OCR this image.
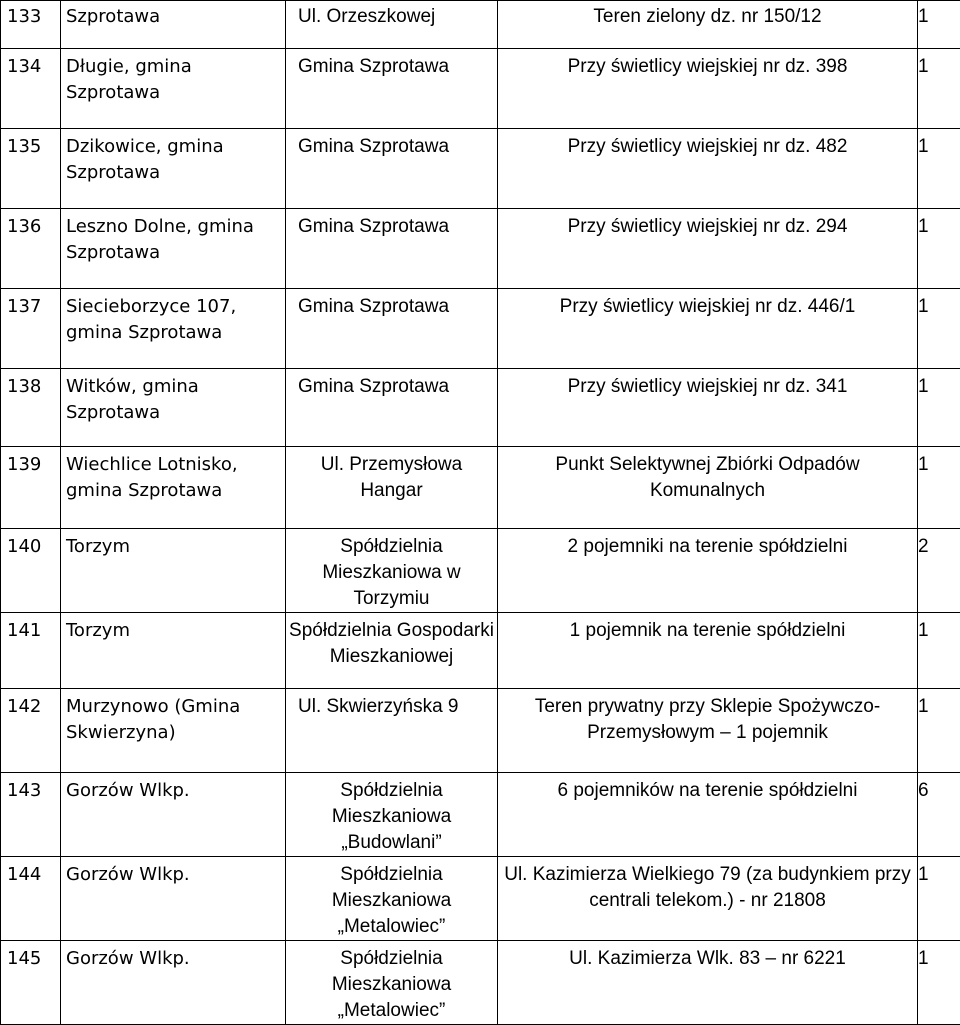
133	Szprotawa	Ul. Orzeszkowej	Teren zielony dz. nr 150/12	1
134	Długie, gmina Szprotawa	Gmina Szprotawa	Przy świetlicy wiejskiej nr dz. 398	1
135	Dzikowice, gmina Szprotawa	Gmina Szprotawa	Przy świetlicy wiejskiej nr dz. 482	1
136	Leszno Dolne, gmina Szprotawa	Gmina Szprotawa	Przy świetlicy wiejskiej nr dz. 294	1
137	Siecieborzyce 107, gmina Szprotawa	Gmina Szprotawa	Przy świetlicy wiejskiej nr dz. 446/1	1
138	Witków, gmina Szprotawa	Gmina Szprotawa	Przy świetlicy wiejskiej nr dz. 341	1
139	Wiechlice Lotnisko, gmina Szprotawa	Ul. Przemysłowa Hangar	Punkt Selektywnej Zbiórki Odpadów Komunalnych	1
140	Torzym	Spółdzielnia Mieszkaniowa w Torzymiu	2 pojemniki na terenie spółdzielni	2
141	Torzym	Spółdzielnia Gospodarki Mieszkaniowej	1 pojemnik na terenie spółdzielni	1
142	Murzynowo (Gmina Skwierzyna)	Ul. Skwierzyńska 9	Teren prywatny przy Sklepie Spożywczo-Przemysłowym – 1 pojemnik	1
143	Gorzów Wlkp.	Spółdzielnia Mieszkaniowa „Budowlani”	6 pojemników na terenie spółdzielni	6
144	Gorzów Wlkp.	Spółdzielnia Mieszkaniowa „Metalowiec”	Ul. Kazimierza Wielkiego 79 (za budynkiem przy centrali telekom.) - nr 21808	1
145	Gorzów Wlkp.	Spółdzielnia Mieszkaniowa „Metalowiec”	Ul. Kazimierza Wlk. 83 – nr 6221	1
